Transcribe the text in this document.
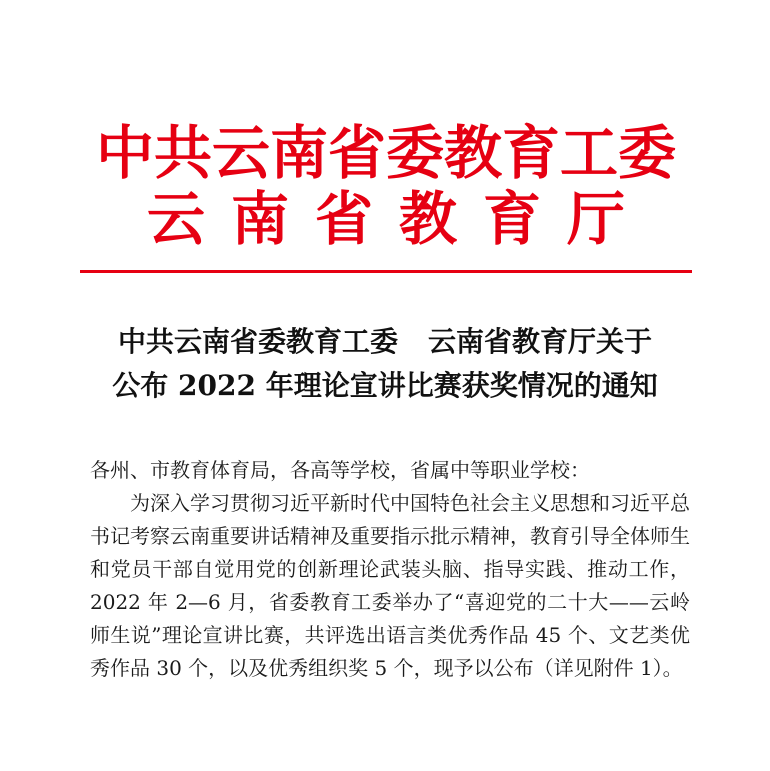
中共云南省委教育工委
云南省教育厅
中共云南省委教育工委 云南省教育厅关于
公布 2022 年理论宣讲比赛获奖情况的通知
各州、市教育体育局，各高等学校，省属中等职业学校：
为深入学习贯彻习近平新时代中国特色社会主义思想和习近平总书记考察云南重要讲话精神及重要指示批示精神，教育引导全体师生和党员干部自觉用党的创新理论武装头脑、指导实践、推动工作，2022 年 2—6 月，省委教育工委举办了“喜迎党的二十大——云岭师生说”理论宣讲比赛，共评选出语言类优秀作品 45 个、文艺类优秀作品 30 个，以及优秀组织奖 5 个，现予以公布（详见附件 1）。
